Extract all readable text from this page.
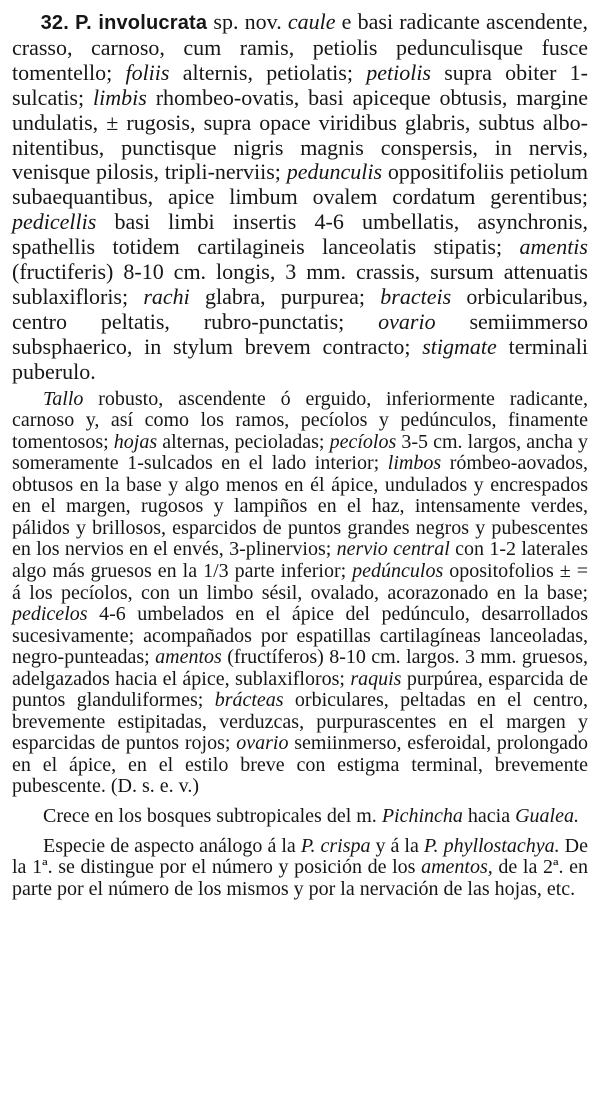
32. P. involucrata sp. nov. caule e basi radicante ascendente, crasso, carnoso, cum ramis, petiolis pedunculisque fusce tomentello; foliis alternis, petiolatis; petiolis supra obiter 1-sulcatis; limbis rhombeo-ovatis, basi apiceque obtusis, margine undulatis, ± rugosis, supra opace viridibus glabris, subtus albo-nitentibus, punctisque nigris magnis conspersis, in nervis, venisque pilosis, tripli-nerviis; pedunculis oppositifoliis petiolum subaequantibus, apice limbum ovalem cordatum gerentibus; pedicellis basi limbi insertis 4-6 umbellatis, asynchronis, spathellis totidem cartilagineis lanceolatis stipatis; amentis (fructiferis) 8-10 cm. longis, 3 mm. crassis, sursum attenuatis sublaxifloris; rachi glabra, purpurea; bracteis orbicularibus, centro peltatis, rubro-punctatis; ovario semiimmerso subsphaerico, in stylum brevem contracto; stigmate terminali puberulo.

Tallo robusto, ascendente ó erguido, inferiormente radicante, carnoso y, así como los ramos, pecíolos y pedúnculos, finamente tomentosos; hojas alternas, pecioladas; pecíolos 3-5 cm. largos, ancha y someramente 1-sulcados en el lado interior; limbos rómbeo-aovados, obtusos en la base y algo menos en él ápice, undulados y encrespados en el margen, rugosos y lampiños en el haz, intensamente verdes, pálidos y brillosos, esparcidos de puntos grandes negros y pubescentes en los nervios en el envés, 3-plinervios; nervio central con 1-2 laterales algo más gruesos en la 1/3 parte inferior; pedúnculos opositofolios ± = á los pecíolos, con un limbo sésil, ovalado, acorazonado en la base; pedicelos 4-6 umbelados en el ápice del pedúnculo, desarrollados sucesivamente; acompañados por espatillas cartilagíneas lanceoladas, negro-punteadas; amentos (fructíferos) 8-10 cm. largos. 3 mm. gruesos, adelgazados hacia el ápice, sublaxifloros; raquis purpúrea, esparcida de puntos glanduliformes; brácteas orbiculares, peltadas en el centro, brevemente estipitadas, verduzcas, purpurascentes en el margen y esparcidas de puntos rojos; ovario semiinmerso, esferoidal, prolongado en el ápice, en el estilo breve con estigma terminal, brevemente pubescente. (D. s. e. v.)

Crece en los bosques subtropicales del m. Pichincha hacia Gualea.

Especie de aspecto análogo á la P. crispa y á la P. phyllostachya. De la 1ª. se distingue por el número y posición de los amentos, de la 2ª. en parte por el número de los mismos y por la nervación de las hojas, etc.
